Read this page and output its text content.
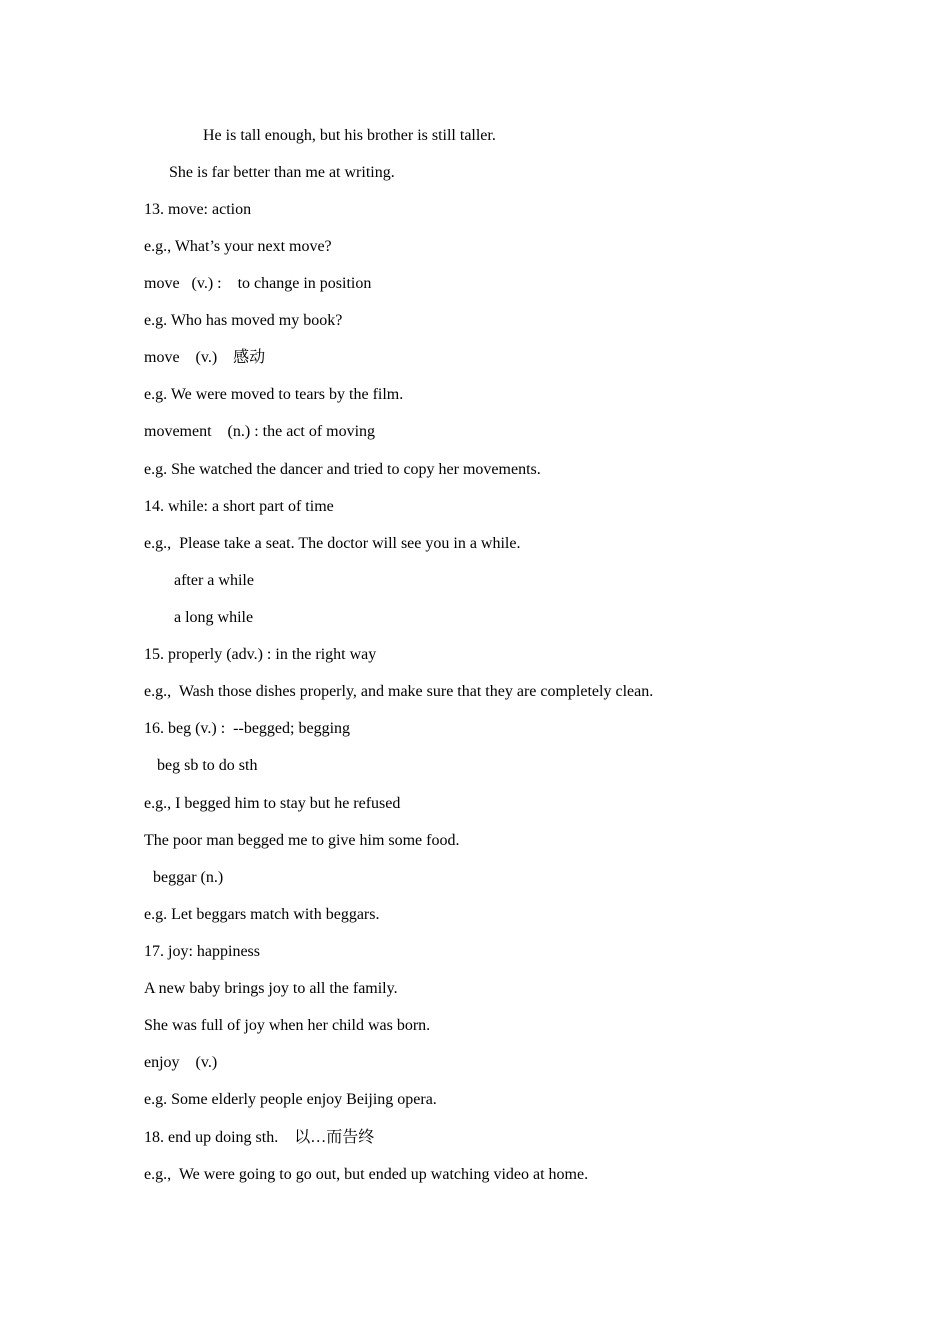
He is tall enough, but his brother is still taller.
She is far better than me at writing.
13. move: action
e.g., What’s your next move?
move   (v.) :    to change in position
e.g. Who has moved my book?
move    (v.)    感动
e.g. We were moved to tears by the film.
movement    (n.) : the act of moving
e.g. She watched the dancer and tried to copy her movements.
14. while: a short part of time
e.g.,  Please take a seat. The doctor will see you in a while.
after a while
a long while
15. properly (adv.) : in the right way
e.g.,  Wash those dishes properly, and make sure that they are completely clean.
16. beg (v.) :  --begged; begging
beg sb to do sth
e.g., I begged him to stay but he refused
The poor man begged me to give him some food.
beggar (n.)
e.g. Let beggars match with beggars.
17. joy: happiness
A new baby brings joy to all the family.
She was full of joy when her child was born.
enjoy    (v.)
e.g. Some elderly people enjoy Beijing opera.
18. end up doing sth.    以…而告终
e.g.,  We were going to go out, but ended up watching video at home.
